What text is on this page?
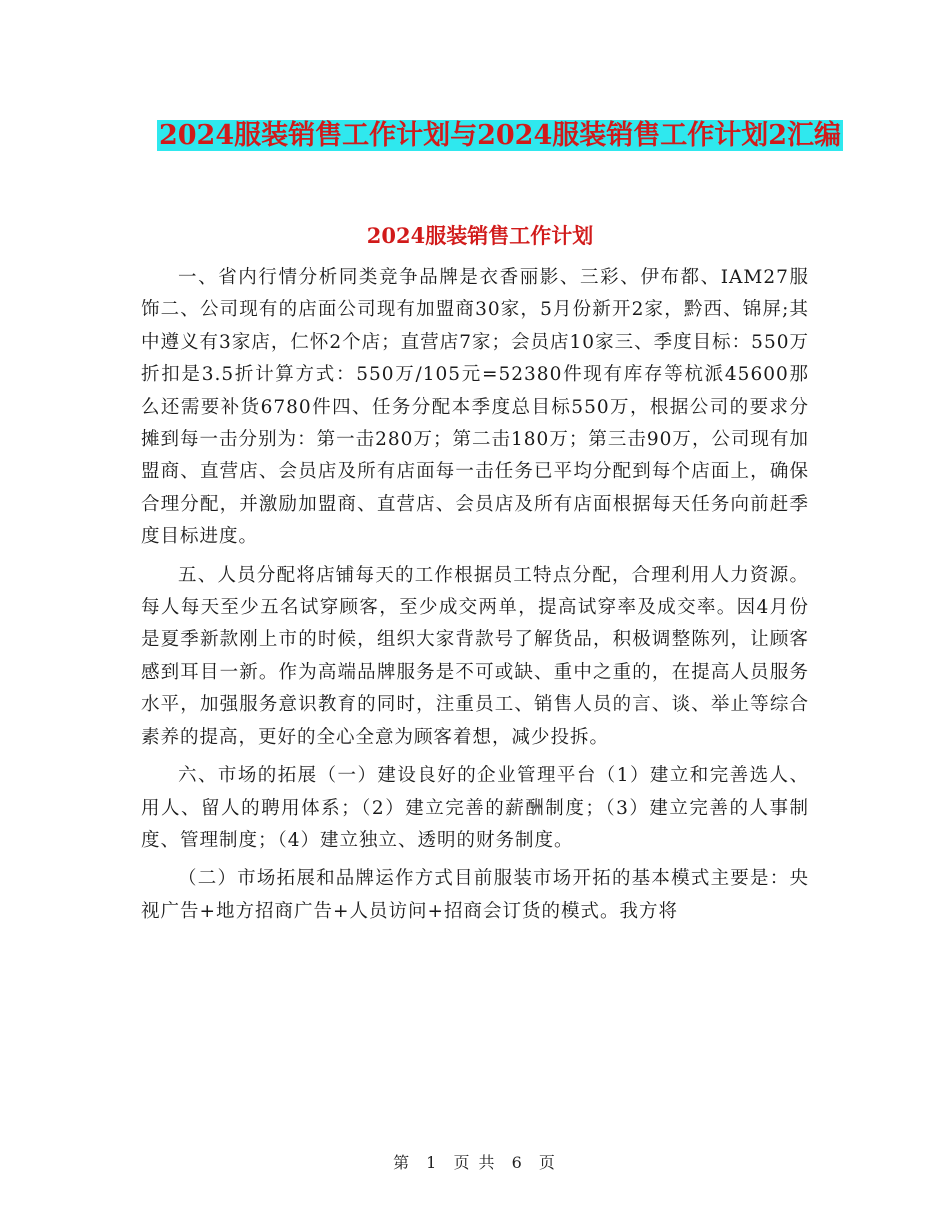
2024服装销售工作计划与2024服装销售工作计划2汇编
2024服装销售工作计划

一、省内行情分析同类竞争品牌是衣香丽影、三彩、伊布都、IAM27服饰二、公司现有的店面公司现有加盟商30家，5月份新开2家，黔西、锦屏;其中遵义有3家店，仁怀2个店；直营店7家；会员店10家三、季度目标：550万折扣是3.5折计算方式：550万/105元=52380件现有库存等杭派45600那么还需要补货6780件四、任务分配本季度总目标550万，根据公司的要求分摊到每一击分别为：第一击280万；第二击180万；第三击90万，公司现有加盟商、直营店、会员店及所有店面每一击任务已平均分配到每个店面上，确保合理分配，并激励加盟商、直营店、会员店及所有店面根据每天任务向前赶季度目标进度。

五、人员分配将店铺每天的工作根据员工特点分配，合理利用人力资源。每人每天至少五名试穿顾客，至少成交两单，提高试穿率及成交率。因4月份是夏季新款刚上市的时候，组织大家背款号了解货品，积极调整陈列，让顾客感到耳目一新。作为高端品牌服务是不可或缺、重中之重的，在提高人员服务水平，加强服务意识教育的同时，注重员工、销售人员的言、谈、举止等综合素养的提高，更好的全心全意为顾客着想，减少投拆。

六、市场的拓展（一）建设良好的企业管理平台（1）建立和完善选人、用人、留人的聘用体系；（2）建立完善的薪酬制度；（3）建立完善的人事制度、管理制度；（4）建立独立、透明的财务制度。

（二）市场拓展和品牌运作方式目前服装市场开拓的基本模式主要是：央视广告+地方招商广告+人员访问+招商会订货的模式。我方将

第 1 页 共 6 页
